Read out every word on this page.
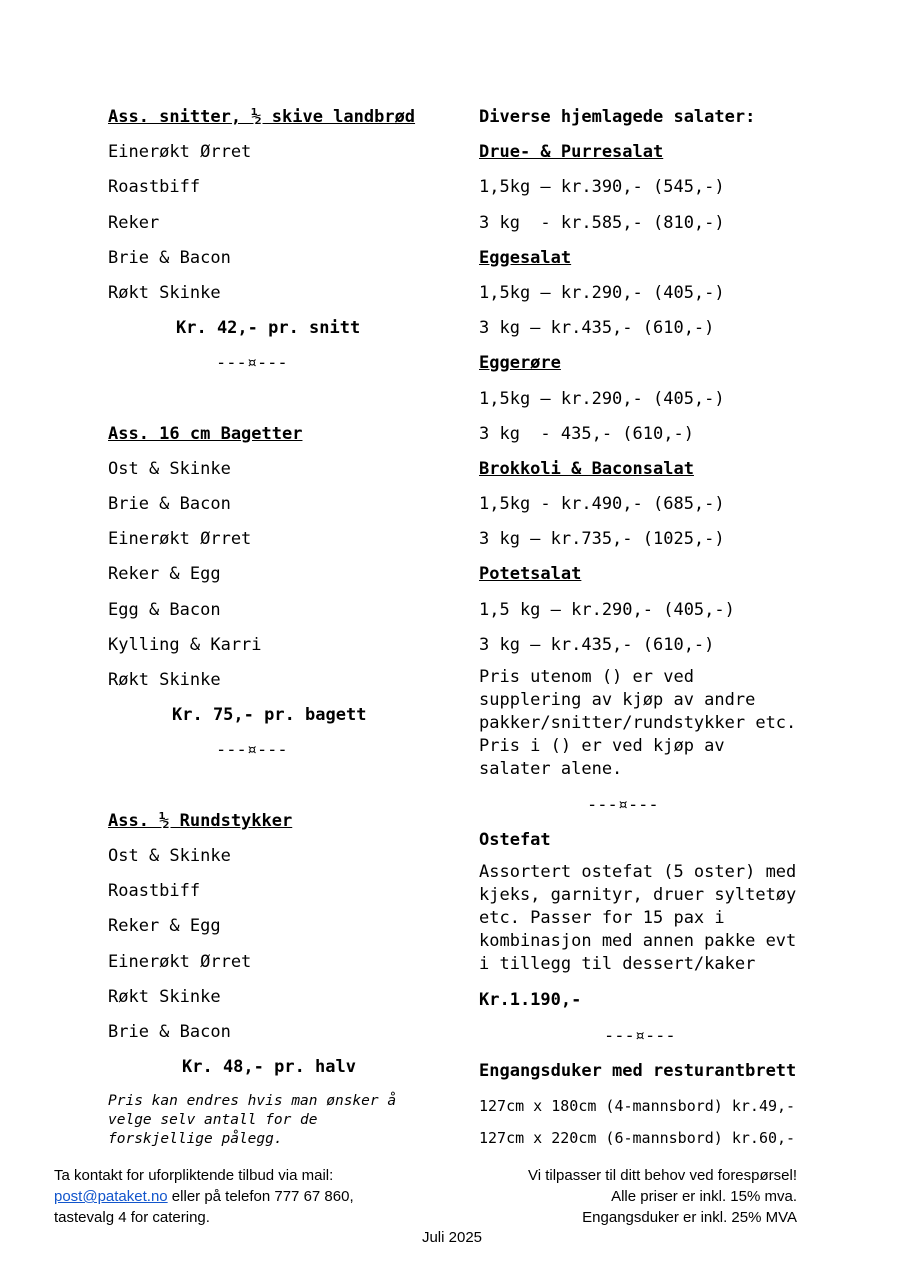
Ass. snitter, ½ skive landbrød
Einerøkt Ørret
Roastbiff
Reker
Brie & Bacon
Røkt Skinke
Kr. 42,- pr. snitt
---¤---
Ass. 16 cm Bagetter
Ost & Skinke
Brie & Bacon
Einerøkt Ørret
Reker & Egg
Egg & Bacon
Kylling & Karri
Røkt Skinke
Kr. 75,- pr. bagett
---¤---
Ass. ½ Rundstykker
Ost & Skinke
Roastbiff
Reker & Egg
Einerøkt Ørret
Røkt Skinke
Brie & Bacon
Kr. 48,- pr. halv
Pris kan endres hvis man ønsker å velge selv antall for de forskjellige pålegg.
Diverse hjemlagede salater:
Drue- & Purresalat
1,5kg – kr.390,- (545,-)
3 kg  - kr.585,- (810,-)
Eggesalat
1,5kg – kr.290,- (405,-)
3 kg – kr.435,- (610,-)
Eggerøre
1,5kg – kr.290,- (405,-)
3 kg  - 435,- (610,-)
Brokkoli & Baconsalat
1,5kg - kr.490,- (685,-)
3 kg – kr.735,- (1025,-)
Potetsalat
1,5 kg – kr.290,- (405,-)
3 kg – kr.435,- (610,-)
Pris utenom () er ved supplering av kjøp av andre pakker/snitter/rundstykker etc. Pris i () er ved kjøp av salater alene.
---¤---
Ostefat
Assortert ostefat (5 oster) med kjeks, garnityr, druer syltetøy etc. Passer for 15 pax i kombinasjon med annen pakke evt i tillegg til dessert/kaker
Kr.1.190,-
---¤---
Engangsduker med resturantbrett
127cm x 180cm (4-mannsbord) kr.49,-
127cm x 220cm (6-mannsbord) kr.60,-
Ta kontakt for uforpliktende tilbud via mail:
post@pataket.no eller på telefon 777 67 860,
tastevalg 4 for catering.
Vi tilpasser til ditt behov ved forespørsel!
Alle priser er inkl. 15% mva.
Engangsduker er inkl. 25% MVA
Juli 2025
